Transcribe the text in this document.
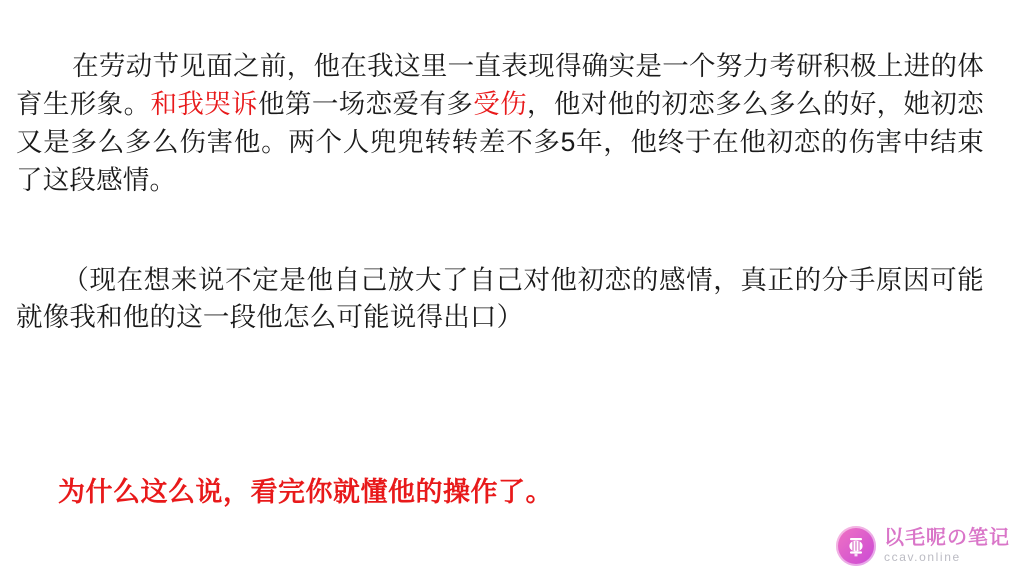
在劳动节见面之前，他在我这里一直表现得确实是一个努力考研积极上进的体育生形象。和我哭诉他第一场恋爱有多受伤，他对他的初恋多么多么的好，她初恋又是多么多么伤害他。两个人兜兜转转差不多5年，他终于在他初恋的伤害中结束了这段感情。

（现在想来说不定是他自己放大了自己对他初恋的感情，真正的分手原因可能就像我和他的这一段他怎么可能说得出口）

为什么这么说，看完你就懂他的操作了。
以毛呢の笔记
ccav.online
